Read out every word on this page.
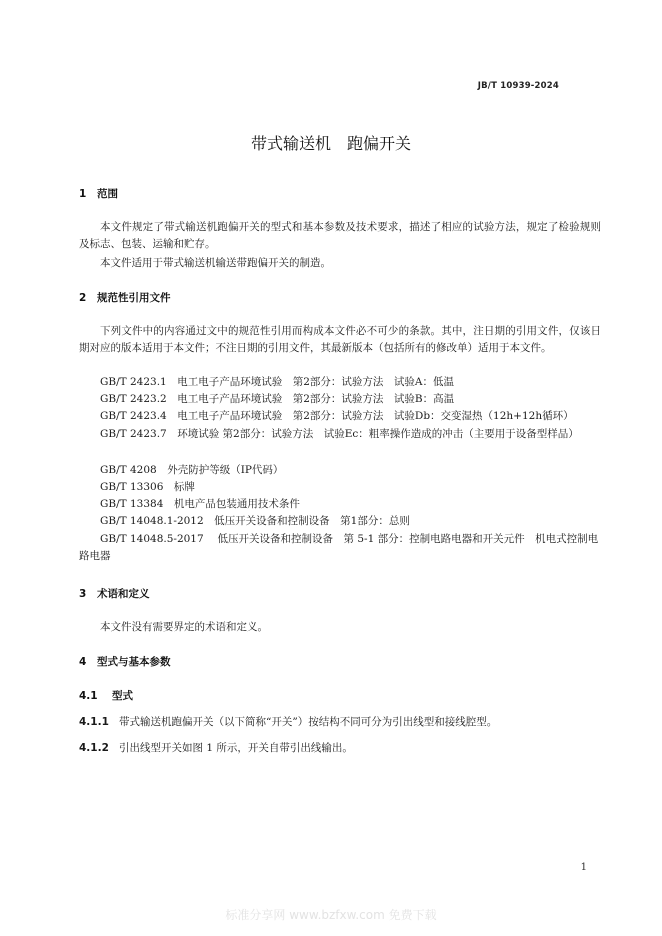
JB/T 10939-2024
带式输送机　跑偏开关
1 范围
本文件规定了带式输送机跑偏开关的型式和基本参数及技术要求，描述了相应的试验方法，规定了检验规则及标志、包装、运输和贮存。
本文件适用于带式输送机输送带跑偏开关的制造。
2 规范性引用文件
下列文件中的内容通过文中的规范性引用而构成本文件必不可少的条款。其中，注日期的引用文件，仅该日期对应的版本适用于本文件；不注日期的引用文件，其最新版本（包括所有的修改单）适用于本文件。
GB/T 2423.1　电工电子产品环境试验　第2部分：试验方法　试验A：低温
GB/T 2423.2　电工电子产品环境试验　第2部分：试验方法　试验B：高温
GB/T 2423.4　电工电子产品环境试验　第2部分：试验方法　试验Db：交变湿热（12h+12h循环）
GB/T 2423.7　环境试验 第2部分：试验方法　试验Ec：粗率操作造成的冲击（主要用于设备型样品）
GB/T 4208　外壳防护等级（IP代码）
GB/T 13306　标牌
GB/T 13384　机电产品包装通用技术条件
GB/T 14048.1-2012　低压开关设备和控制设备　第1部分：总则
GB/T 14048.5-2017　 低压开关设备和控制设备　第 5-1 部分：控制电路电器和开关元件　机电式控制电路电器
3 术语和定义
本文件没有需要界定的术语和定义。
4 型式与基本参数
4.1 型式
4.1.1 带式输送机跑偏开关（以下简称“开关”）按结构不同可分为引出线型和接线腔型。
4.1.2 引出线型开关如图 1 所示，开关自带引出线输出。
1
标准分享网 www.bzfxw.com 免费下载
